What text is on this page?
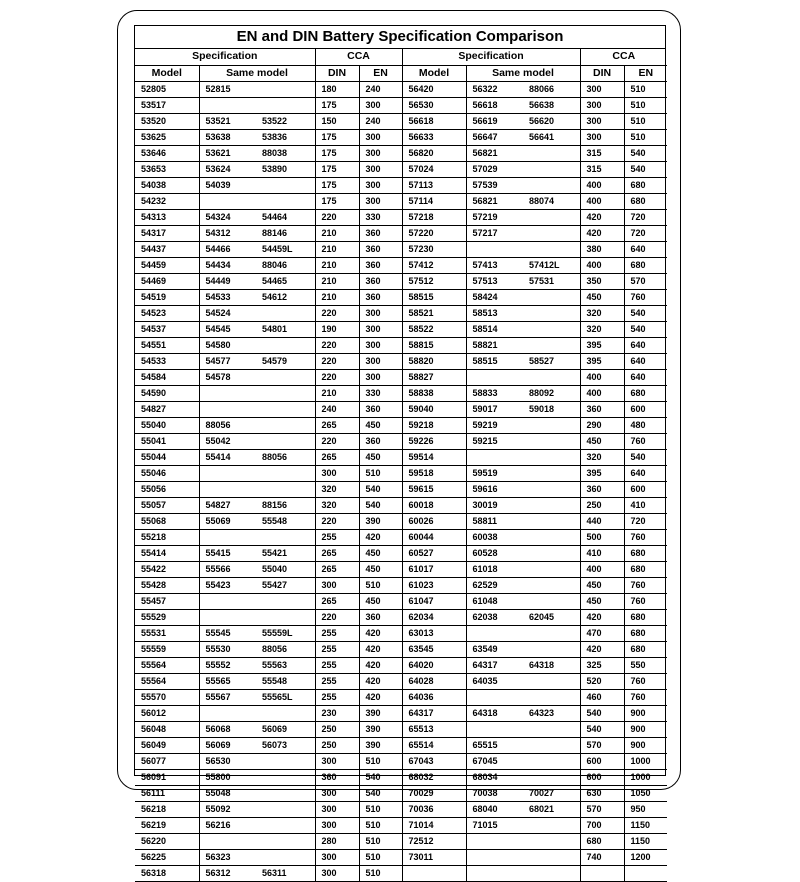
EN and DIN Battery Specification Comparison
Specification			CCA		Specification			CCA	
Model	Same model		DIN	EN	Model	Same model		DIN	EN
52805	52815		180	240	56420	56322	88066	300	510
53517			175	300	56530	56618	56638	300	510
53520	53521	53522	150	240	56618	56619	56620	300	510
53625	53638	53836	175	300	56633	56647	56641	300	510
53646	53621	88038	175	300	56820	56821		315	540
53653	53624	53890	175	300	57024	57029		315	540
54038	54039		175	300	57113	57539		400	680
54232			175	300	57114	56821	88074	400	680
54313	54324	54464	220	330	57218	57219		420	720
54317	54312	88146	210	360	57220	57217		420	720
54437	54466	54459L	210	360	57230			380	640
54459	54434	88046	210	360	57412	57413	57412L	400	680
54469	54449	54465	210	360	57512	57513	57531	350	570
54519	54533	54612	210	360	58515	58424		450	760
54523	54524		220	300	58521	58513		320	540
54537	54545	54801	190	300	58522	58514		320	540
54551	54580		220	300	58815	58821		395	640
54533	54577	54579	220	300	58820	58515	58527	395	640
54584	54578		220	300	58827			400	640
54590			210	330	58838	58833	88092	400	680
54827			240	360	59040	59017	59018	360	600
55040	88056		265	450	59218	59219		290	480
55041	55042		220	360	59226	59215		450	760
55044	55414	88056	265	450	59514			320	540
55046			300	510	59518	59519		395	640
55056			320	540	59615	59616		360	600
55057	54827	88156	320	540	60018	30019		250	410
55068	55069	55548	220	390	60026	58811		440	720
55218			255	420	60044	60038		500	760
55414	55415	55421	265	450	60527	60528		410	680
55422	55566	55040	265	450	61017	61018		400	680
55428	55423	55427	300	510	61023	62529		450	760
55457			265	450	61047	61048		450	760
55529			220	360	62034	62038	62045	420	680
55531	55545	55559L	255	420	63013			470	680
55559	55530	88056	255	420	63545	63549		420	680
55564	55552	55563	255	420	64020	64317	64318	325	550
55564	55565	55548	255	420	64028	64035		520	760
55570	55567	55565L	255	420	64036			460	760
56012			230	390	64317	64318	64323	540	900
56048	56068	56069	250	390	65513			540	900
56049	56069	56073	250	390	65514	65515		570	900
56077	56530		300	510	67043	67045		600	1000
56091	55800		360	540	68032	68034		600	1000
56111	55048		300	540	70029	70038	70027	630	1050
56218	55092		300	510	70036	68040	68021	570	950
56219	56216		300	510	71014	71015		700	1150
56220			280	510	72512			680	1150
56225	56323		300	510	73011			740	1200
56318	56312	56311	300	510					
